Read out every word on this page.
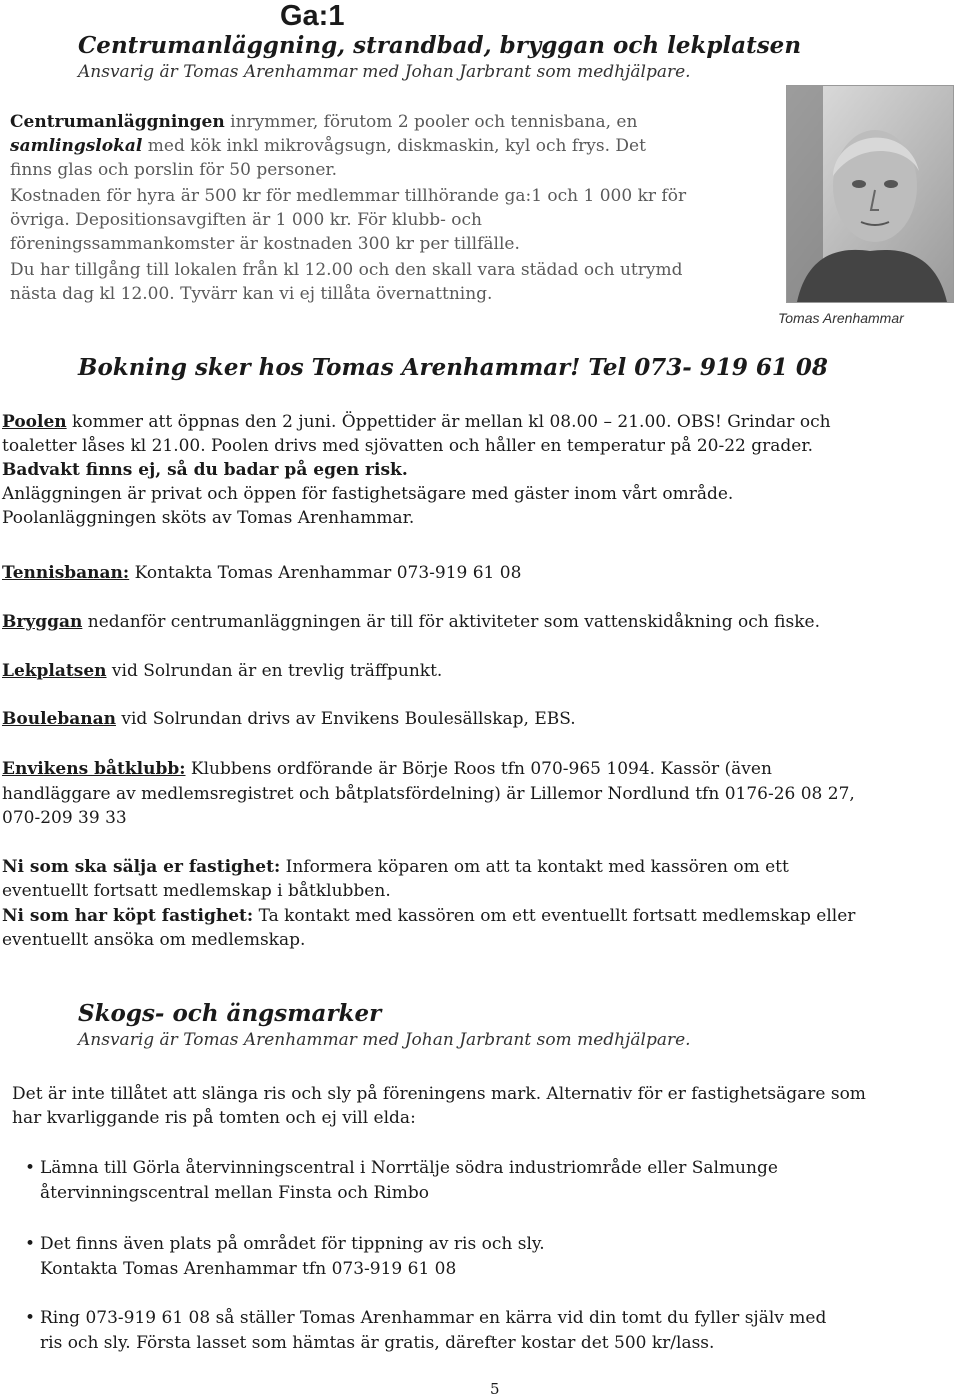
Ga:1
Centrumanläggning, strandbad, bryggan och lekplatsen
Ansvarig är Tomas Arenhammar med Johan Jarbrant som medhjälpare.
Centrumanläggningen inrymmer, förutom 2 pooler och tennisbana, en
samlingslokal med kök inkl mikrovågsugn, diskmaskin, kyl och frys. Det
finns glas och porslin för 50 personer.
Kostnaden för hyra är 500 kr för medlemmar tillhörande ga:1 och 1 000 kr för
övriga. Depositionsavgiften är 1 000 kr. För klubb- och
föreningssammankomster är kostnaden 300 kr per tillfälle.
Du har tillgång till lokalen från kl 12.00 och den skall vara städad och utrymd
nästa dag kl 12.00. Tyvärr kan vi ej tillåta övernattning.
Tomas Arenhammar
Bokning sker hos Tomas Arenhammar! Tel 073- 919 61 08
Poolen kommer att öppnas den 2 juni. Öppettider är mellan kl 08.00 – 21.00. OBS! Grindar och
toaletter låses kl 21.00. Poolen drivs med sjövatten och håller en temperatur på 20-22 grader.
Badvakt finns ej, så du badar på egen risk.
Anläggningen är privat och öppen för fastighetsägare med gäster inom vårt område.
Poolanläggningen sköts av Tomas Arenhammar.
Tennisbanan: Kontakta Tomas Arenhammar 073-919 61 08
Bryggan nedanför centrumanläggningen är till för aktiviteter som vattenskidåkning och fiske.
Lekplatsen vid Solrundan är en trevlig träffpunkt.
Boulebanan vid Solrundan drivs av Envikens Boulesällskap, EBS.
Envikens båtklubb: Klubbens ordförande är Börje Roos tfn 070-965 1094. Kassör (även
handläggare av medlemsregistret och båtplatsfördelning) är Lillemor Nordlund tfn 0176-26 08 27,
070-209 39 33
Ni som ska sälja er fastighet: Informera köparen om att ta kontakt med kassören om ett
eventuellt fortsatt medlemskap i båtklubben.
Ni som har köpt fastighet: Ta kontakt med kassören om ett eventuellt fortsatt medlemskap eller
eventuellt ansöka om medlemskap.
Skogs- och ängsmarker
Ansvarig är Tomas Arenhammar med Johan Jarbrant som medhjälpare.
Det är inte tillåtet att slänga ris och sly på föreningens mark. Alternativ för er fastighetsägare som
har kvarliggande ris på tomten och ej vill elda:
• Lämna till Görla återvinningscentral i Norrtälje södra industriområde eller Salmunge
återvinningscentral mellan Finsta och Rimbo
• Det finns även plats på området för tippning av ris och sly.
Kontakta Tomas Arenhammar tfn 073-919 61 08
• Ring 073-919 61 08 så ställer Tomas Arenhammar en kärra vid din tomt du fyller själv med
ris och sly. Första lasset som hämtas är gratis, därefter kostar det 500 kr/lass.
5
